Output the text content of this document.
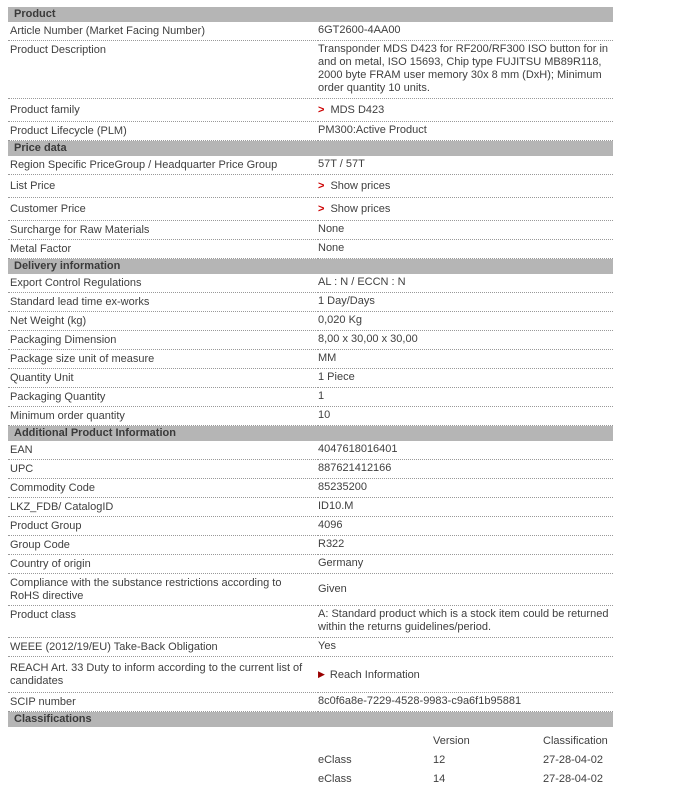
Product
Article Number (Market Facing Number)	6GT2600-4AA00
Product Description	Transponder MDS D423 for RF200/RF300 ISO button for in and on metal, ISO 15693, Chip type FUJITSU MB89R118, 2000 byte FRAM user memory 30x 8 mm (DxH); Minimum order quantity 10 units.
Product family	> MDS D423
Product Lifecycle (PLM)	PM300:Active Product
Price data
Region Specific PriceGroup / Headquarter Price Group	57T / 57T
List Price	> Show prices
Customer Price	> Show prices
Surcharge for Raw Materials	None
Metal Factor	None
Delivery information
Export Control Regulations	AL : N / ECCN : N
Standard lead time ex-works	1 Day/Days
Net Weight (kg)	0,020 Kg
Packaging Dimension	8,00 x 30,00 x 30,00
Package size unit of measure	MM
Quantity Unit	1 Piece
Packaging Quantity	1
Minimum order quantity	10
Additional Product Information
EAN	4047618016401
UPC	887621412166
Commodity Code	85235200
LKZ_FDB/ CatalogID	ID10.M
Product Group	4096
Group Code	R322
Country of origin	Germany
Compliance with the substance restrictions according to RoHS directive	Given
Product class	A: Standard product which is a stock item could be returned within the returns guidelines/period.
WEEE (2012/19/EU) Take-Back Obligation	Yes
REACH Art. 33 Duty to inform according to the current list of candidates	▶ Reach Information
SCIP number	8c0f6a8e-7229-4528-9983-c9a6f1b95881
Classifications

		Version	Classification
	eClass	12	27-28-04-02
	eClass	14	27-28-04-02
